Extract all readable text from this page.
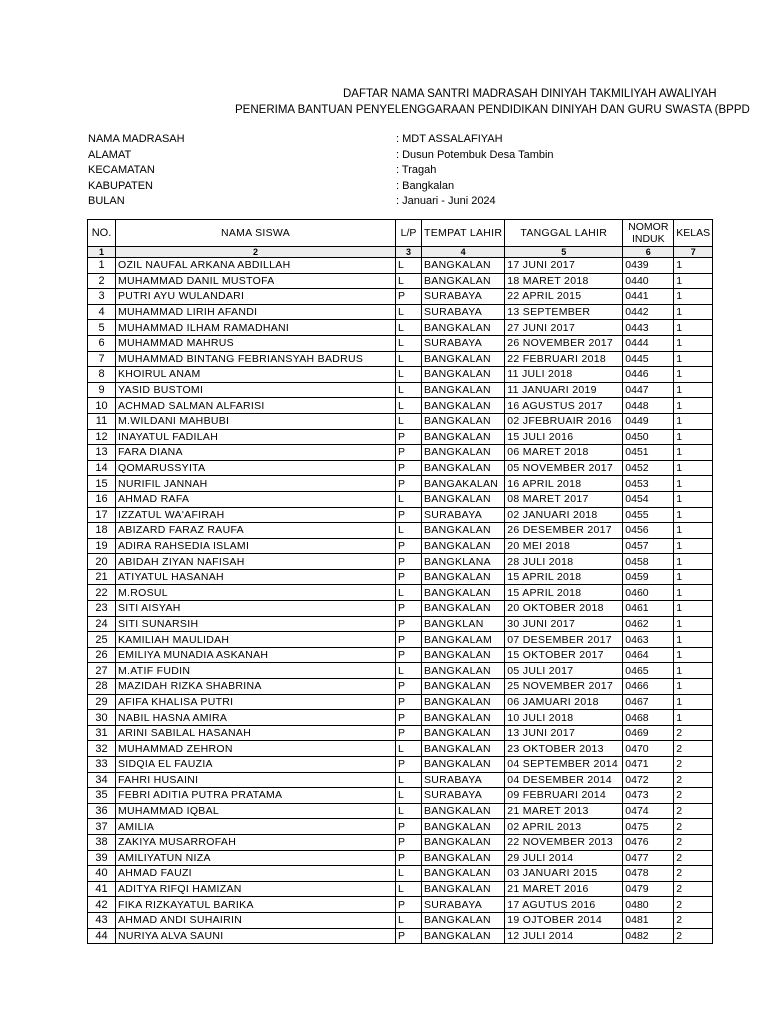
DAFTAR NAMA SANTRI MADRASAH DINIYAH TAKMILIYAH AWALIYAH
PENERIMA BANTUAN PENYELENGGARAAN PENDIDIKAN DINIYAH DAN GURU SWASTA (BPPD
NAMA MADRASAH	: MDT ASSALAFIYAH
ALAMAT	: Dusun Potembuk Desa Tambin
KECAMATAN	: Tragah
KABUPATEN	: Bangkalan
BULAN	: Januari - Juni 2024
NO.	NAMA SISWA	L/P	TEMPAT LAHIR	TANGGAL LAHIR	NOMOR INDUK	KELAS
1	2	3	4	5	6	7
1	OZIL NAUFAL ARKANA ABDILLAH	L	BANGKALAN	17 JUNI 2017	0439	1
2	MUHAMMAD DANIL MUSTOFA	L	BANGKALAN	18 MARET 2018	0440	1
3	PUTRI AYU WULANDARI	P	SURABAYA	22 APRIL 2015	0441	1
4	MUHAMMAD LIRIH AFANDI	L	SURABAYA	13 SEPTEMBER	0442	1
5	MUHAMMAD ILHAM RAMADHANI	L	BANGKALAN	27 JUNI 2017	0443	1
6	MUHAMMAD MAHRUS	L	SURABAYA	26 NOVEMBER 2017	0444	1
7	MUHAMMAD BINTANG FEBRIANSYAH BADRUS	L	BANGKALAN	22 FEBRUARI 2018	0445	1
8	KHOIRUL ANAM	L	BANGKALAN	11 JULI 2018	0446	1
9	YASID BUSTOMI	L	BANGKALAN	11 JANUARI 2019	0447	1
10	ACHMAD SALMAN ALFARISI	L	BANGKALAN	16 AGUSTUS 2017	0448	1
11	M.WILDANI MAHBUBI	L	BANGKALAN	02 JFEBRUAIR 2016	0449	1
12	INAYATUL FADILAH	P	BANGKALAN	15 JULI 2016	0450	1
13	FARA DIANA	P	BANGKALAN	06 MARET 2018	0451	1
14	QOMARUSSYITA	P	BANGKALAN	05 NOVEMBER 2017	0452	1
15	NURIFIL JANNAH	P	BANGAKALAN	16 APRIL 2018	0453	1
16	AHMAD RAFA	L	BANGKALAN	08 MARET 2017	0454	1
17	IZZATUL WA'AFIRAH	P	SURABAYA	02 JANUARI 2018	0455	1
18	ABIZARD FARAZ RAUFA	L	BANGKALAN	26 DESEMBER 2017	0456	1
19	ADIRA RAHSEDIA ISLAMI	P	BANGKALAN	20 MEI 2018	0457	1
20	ABIDAH ZIYAN NAFISAH	P	BANGKLANA	28 JULI 2018	0458	1
21	ATIYATUL HASANAH	P	BANGKALAN	15 APRIL 2018	0459	1
22	M.ROSUL	L	BANGKALAN	15 APRIL 2018	0460	1
23	SITI AISYAH	P	BANGKALAN	20 OKTOBER 2018	0461	1
24	SITI SUNARSIH	P	BANGKLAN	30 JUNI 2017	0462	1
25	KAMILIAH MAULIDAH	P	BANGKALAM	07 DESEMBER 2017	0463	1
26	EMILIYA MUNADIA ASKANAH	P	BANGKALAN	15 OKTOBER 2017	0464	1
27	M.ATIF FUDIN	L	BANGKALAN	05 JULI 2017	0465	1
28	MAZIDAH RIZKA SHABRINA	P	BANGKALAN	25 NOVEMBER 2017	0466	1
29	AFIFA KHALISA PUTRI	P	BANGKALAN	06 JAMUARI 2018	0467	1
30	NABIL HASNA AMIRA	P	BANGKALAN	10 JULI 2018	0468	1
31	ARINI SABILAL HASANAH	P	BANGKALAN	13 JUNI 2017	0469	2
32	MUHAMMAD ZEHRON	L	BANGKALAN	23 OKTOBER 2013	0470	2
33	SIDQIA EL FAUZIA	P	BANGKALAN	04 SEPTEMBER 2014	0471	2
34	FAHRI HUSAINI	L	SURABAYA	04 DESEMBER 2014	0472	2
35	FEBRI ADITIA PUTRA PRATAMA	L	SURABAYA	09 FEBRUARI 2014	0473	2
36	MUHAMMAD IQBAL	L	BANGKALAN	21 MARET 2013	0474	2
37	AMILIA	P	BANGKALAN	02 APRIL 2013	0475	2
38	ZAKIYA MUSARROFAH	P	BANGKALAN	22 NOVEMBER 2013	0476	2
39	AMILIYATUN NIZA	P	BANGKALAN	29 JULI 2014	0477	2
40	AHMAD FAUZI	L	BANGKALAN	03 JANUARI 2015	0478	2
41	ADITYA RIFQI HAMIZAN	L	BANGKALAN	21 MARET 2016	0479	2
42	FIKA RIZKAYATUL BARIKA	P	SURABAYA	17 AGUTUS 2016	0480	2
43	AHMAD ANDI SUHAIRIN	L	BANGKALAN	19 OJTOBER 2014	0481	2
44	NURIYA ALVA SAUNI	P	BANGKALAN	12 JULI 2014	0482	2
